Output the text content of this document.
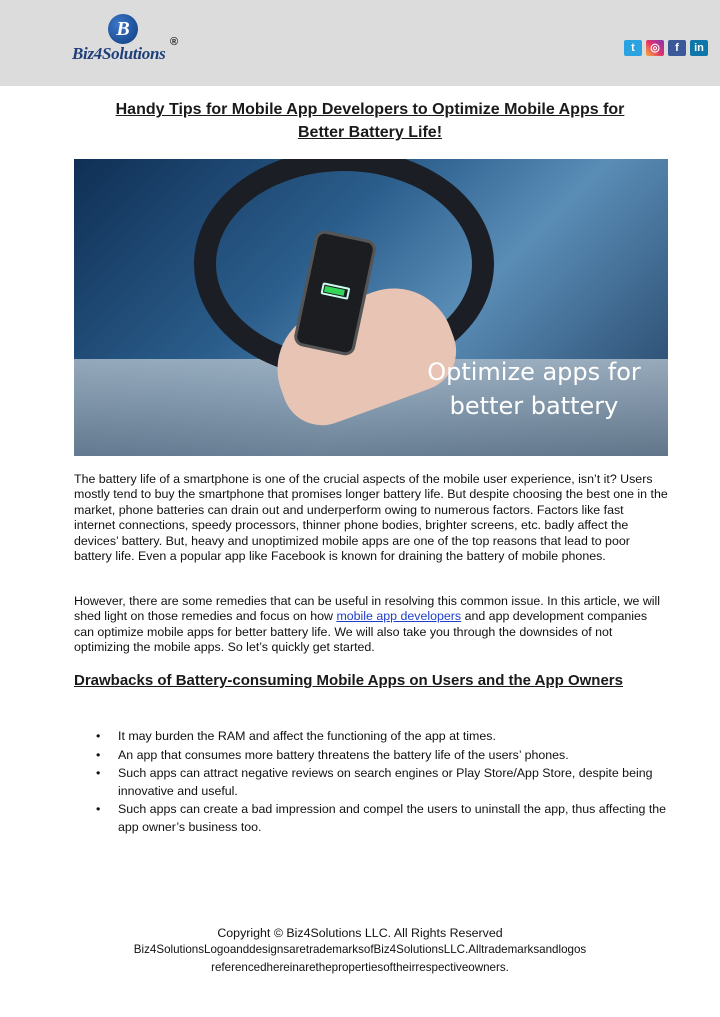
B
Biz4Solutions
®	t	◎	f	in
Handy Tips for Mobile App Developers to Optimize Mobile Apps for
Better Battery Life!
Optimize apps for
better battery

The battery life of a smartphone is one of the crucial aspects of the mobile user experience, isn’t it? Users mostly tend to buy the smartphone that promises longer battery life. But despite choosing the best one in the market, phone batteries can drain out and underperform owing to numerous factors. Factors like fast internet connections, speedy processors, thinner phone bodies, brighter screens, etc. badly affect the devices’ battery. But, heavy and unoptimized mobile apps are one of the top reasons that lead to poor battery life. Even a popular app like Facebook is known for draining the battery of mobile phones.

However, there are some remedies that can be useful in resolving this common issue. In this article, we will shed light on those remedies and focus on how mobile app developers and app development companies can optimize mobile apps for better battery life. We will also take you through the downsides of not optimizing the mobile apps. So let’s quickly get started.

Drawbacks of Battery-consuming Mobile Apps on Users and the App Owners
• It may burden the RAM and affect the functioning of the app at times.
• An app that consumes more battery threatens the battery life of the users’ phones.
• Such apps can attract negative reviews on search engines or Play Store/App Store, despite being innovative and useful.
• Such apps can create a bad impression and compel the users to uninstall the app, thus affecting the app owner’s business too.
Copyright © Biz4Solutions LLC. All Rights Reserved
Biz4SolutionsLogoanddesignsaretrademarksofBiz4SolutionsLLC.Alltrademarksandlogos
referencedhereinarethepropertiesoftheirrespectiveowners.
